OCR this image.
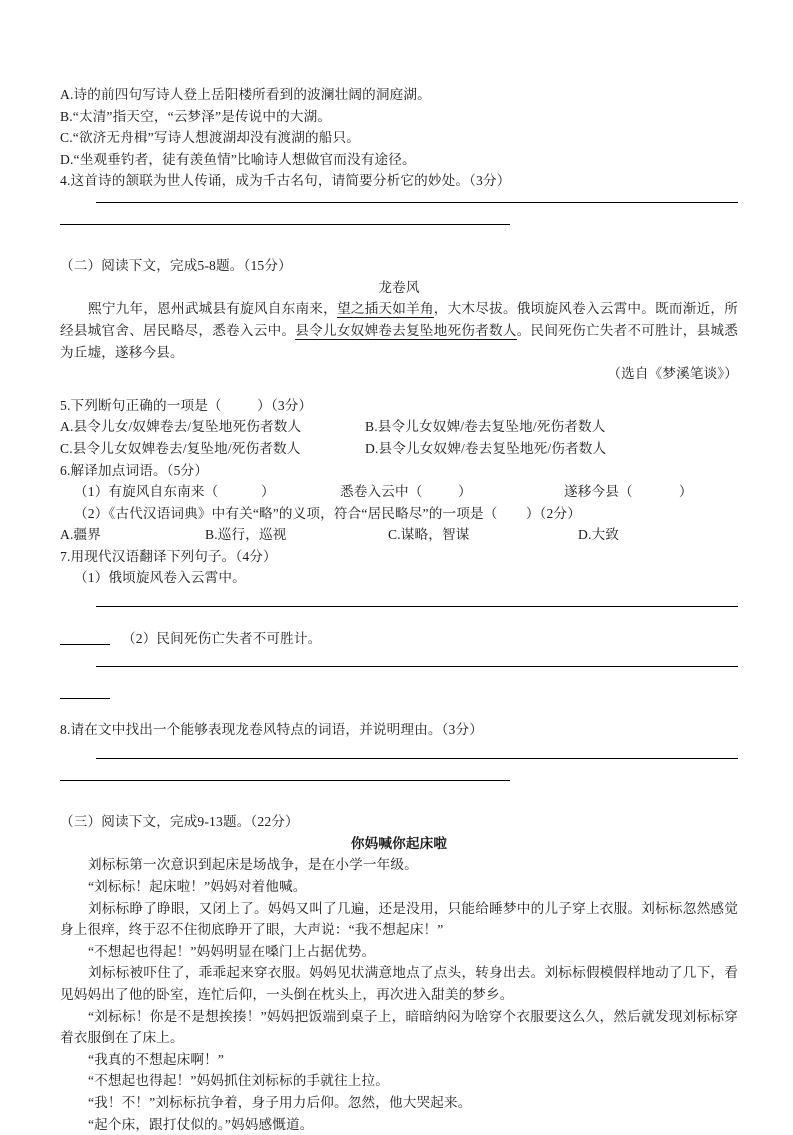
A.诗的前四句写诗人登上岳阳楼所看到的波澜壮阔的洞庭湖。
B.“太清”指天空，“云梦泽”是传说中的大湖。
C.“欲济无舟楫”写诗人想渡湖却没有渡湖的船只。
D.“坐观垂钓者，徒有羡鱼情”比喻诗人想做官而没有途径。
4.这首诗的颔联为世人传诵，成为千古名句，请简要分析它的妙处。（3分）
（二）阅读下文，完成5-8题。（15分）
龙卷风

熙宁九年，恩州武城县有旋风自东南来，望之插天如羊角，大木尽拔。俄顷旋风卷入云霄中。既而渐近，所经县城官舍、居民略尽，悉卷入云中。县令儿女奴婢卷去复坠地死伤者数人。民间死伤亡失者不可胜计，县城悉为丘墟，遂移今县。

（选自《梦溪笔谈》）
5.下列断句正确的一项是（          ）（3分）
A.县令儿女/奴婢卷去/复坠地死伤者数人	B.县令儿女奴婢/卷去复坠地/死伤者数人
C.县令儿女奴婢卷去/复坠地/死伤者数人	D.县令儿女奴婢/卷去复坠地死/伤者数人
6.解译加点词语。（5分）
（1）有旋风自东南来（            ）	悉卷入云中（          ）	遂移今县（             ）
（2）《古代汉语词典》中有关“略”的义项，符合“居民略尽”的一项是（        ）（2分）
A.疆界	B.巡行，巡视	C.谋略，智谋	D.大致
7.用现代汉语翻译下列句子。（4分）
（1）俄顷旋风卷入云霄中。
（2）民间死伤亡失者不可胜计。
8.请在文中找出一个能够表现龙卷风特点的词语，并说明理由。（3分）
（三）阅读下文，完成9-13题。（22分）
你妈喊你起床啦

刘标标第一次意识到起床是场战争，是在小学一年级。

“刘标标！起床啦！”妈妈对着他喊。

刘标标睁了睁眼，又闭上了。妈妈又叫了几遍，还是没用，只能给睡梦中的儿子穿上衣服。刘标标忽然感觉身上很痒，终于忍不住彻底睁开了眼，大声说：“我不想起床！”

“不想起也得起！”妈妈明显在嗓门上占据优势。

刘标标被吓住了，乖乖起来穿衣服。妈妈见状满意地点了点头，转身出去。刘标标假模假样地动了几下，看见妈妈出了他的卧室，连忙后仰，一头倒在枕头上，再次进入甜美的梦乡。

“刘标标！你是不是想挨揍！”妈妈把饭端到桌子上，暗暗纳闷为啥穿个衣服要这么久，然后就发现刘标标穿着衣服倒在了床上。

“我真的不想起床啊！”

“不想起也得起！”妈妈抓住刘标标的手就往上拉。

“我！不！”刘标标抗争着，身子用力后仰。忽然，他大哭起来。

“起个床，跟打仗似的。”妈妈感慨道。
